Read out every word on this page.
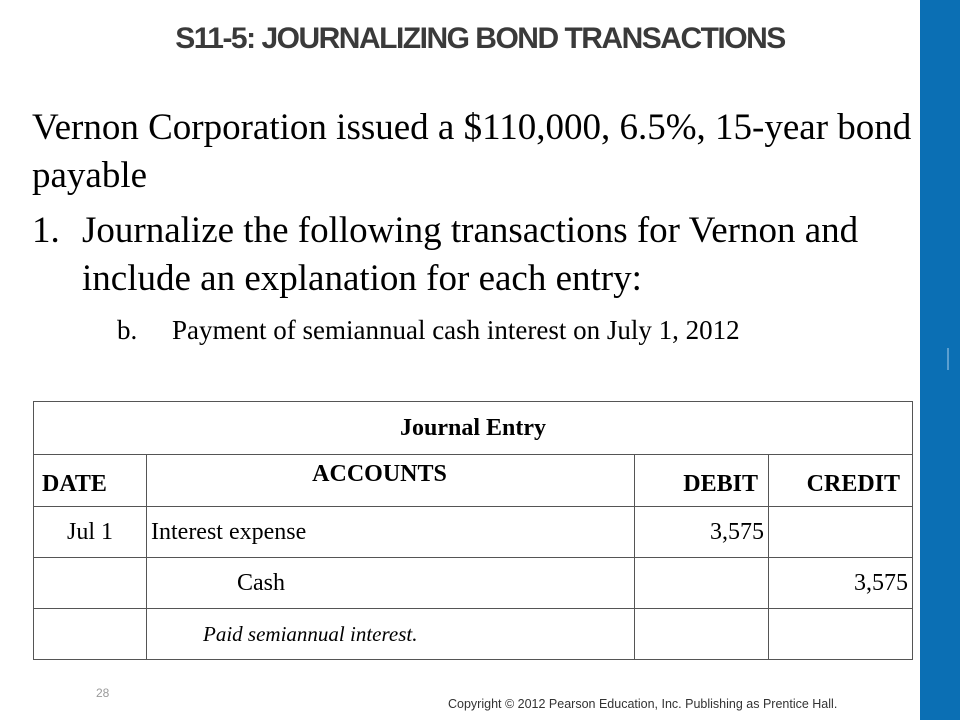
S11-5: JOURNALIZING BOND TRANSACTIONS
Vernon Corporation issued a $110,000, 6.5%, 15-year bond payable
1. Journalize the following transactions for Vernon and include an explanation for each entry:
b. Payment of semiannual cash interest on July 1, 2012
Journal Entry			
DATE	ACCOUNTS	DEBIT	CREDIT
Jul 1	Interest expense	3,575	
	Cash		3,575
	Paid semiannual interest.		
28
Copyright © 2012 Pearson Education, Inc. Publishing as Prentice Hall.
